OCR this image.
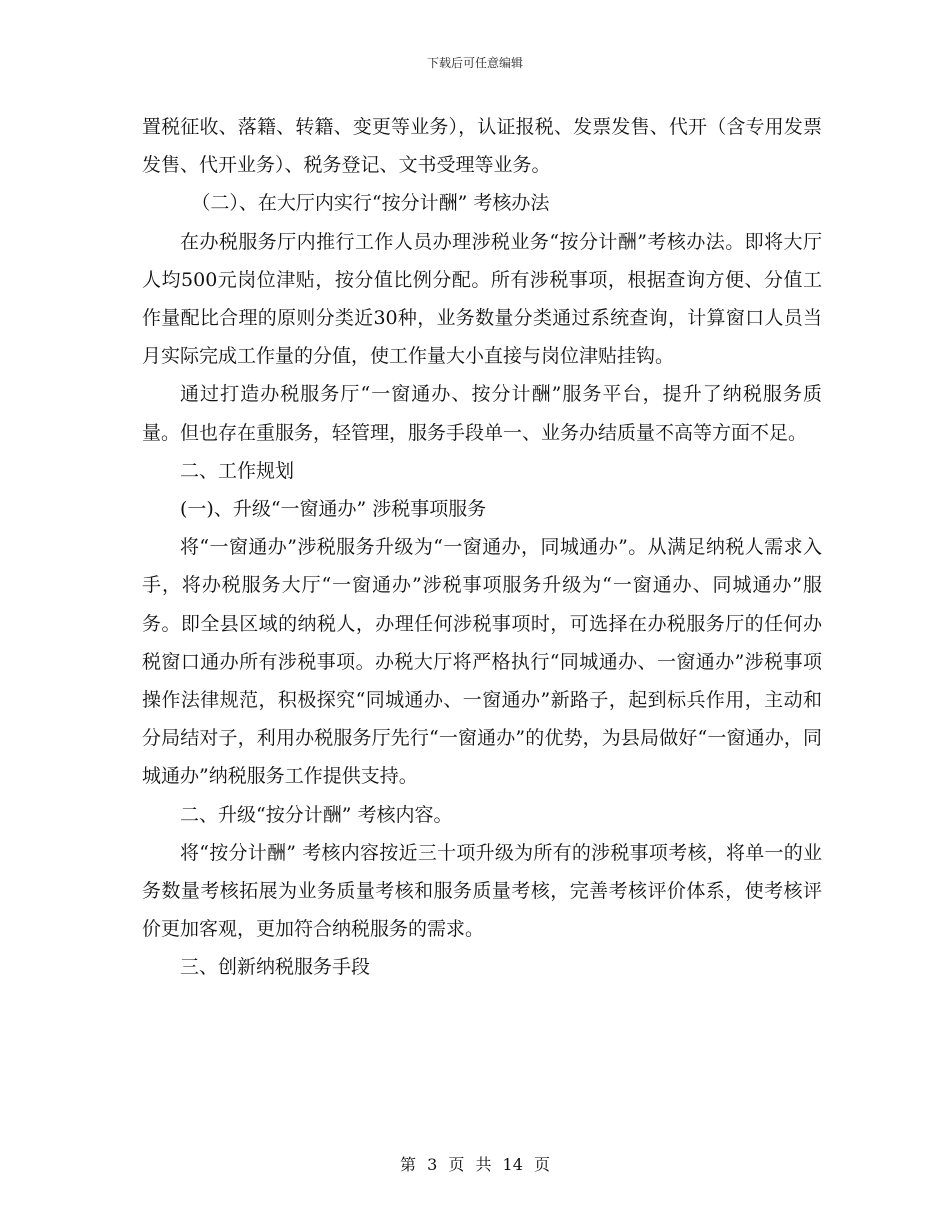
下载后可任意编辑

置税征收、落籍、转籍、变更等业务），认证报税、发票发售、代开（含专用发票发售、代开业务）、税务登记、文书受理等业务。

（二）、在大厅内实行“按分计酬” 考核办法

在办税服务厅内推行工作人员办理涉税业务“按分计酬”考核办法。即将大厅人均500元岗位津贴，按分值比例分配。所有涉税事项，根据查询方便、分值工作量配比合理的原则分类近30种，业务数量分类通过系统查询，计算窗口人员当月实际完成工作量的分值，使工作量大小直接与岗位津贴挂钩。

通过打造办税服务厅“一窗通办、按分计酬”服务平台，提升了纳税服务质量。但也存在重服务，轻管理，服务手段单一、业务办结质量不高等方面不足。

二、工作规划

(一)、升级“一窗通办” 涉税事项服务

将“一窗通办”涉税服务升级为“一窗通办，同城通办”。从满足纳税人需求入手，将办税服务大厅“一窗通办”涉税事项服务升级为“一窗通办、同城通办”服务。即全县区域的纳税人，办理任何涉税事项时，可选择在办税服务厅的任何办税窗口通办所有涉税事项。办税大厅将严格执行“同城通办、一窗通办”涉税事项操作法律规范，积极探究“同城通办、一窗通办”新路子，起到标兵作用，主动和分局结对子，利用办税服务厅先行“一窗通办”的优势，为县局做好“一窗通办，同城通办”纳税服务工作提供支持。

二、升级“按分计酬” 考核内容。

将“按分计酬” 考核内容按近三十项升级为所有的涉税事项考核，将单一的业务数量考核拓展为业务质量考核和服务质量考核，完善考核评价体系，使考核评价更加客观，更加符合纳税服务的需求。

三、创新纳税服务手段

第 3 页 共 14 页
